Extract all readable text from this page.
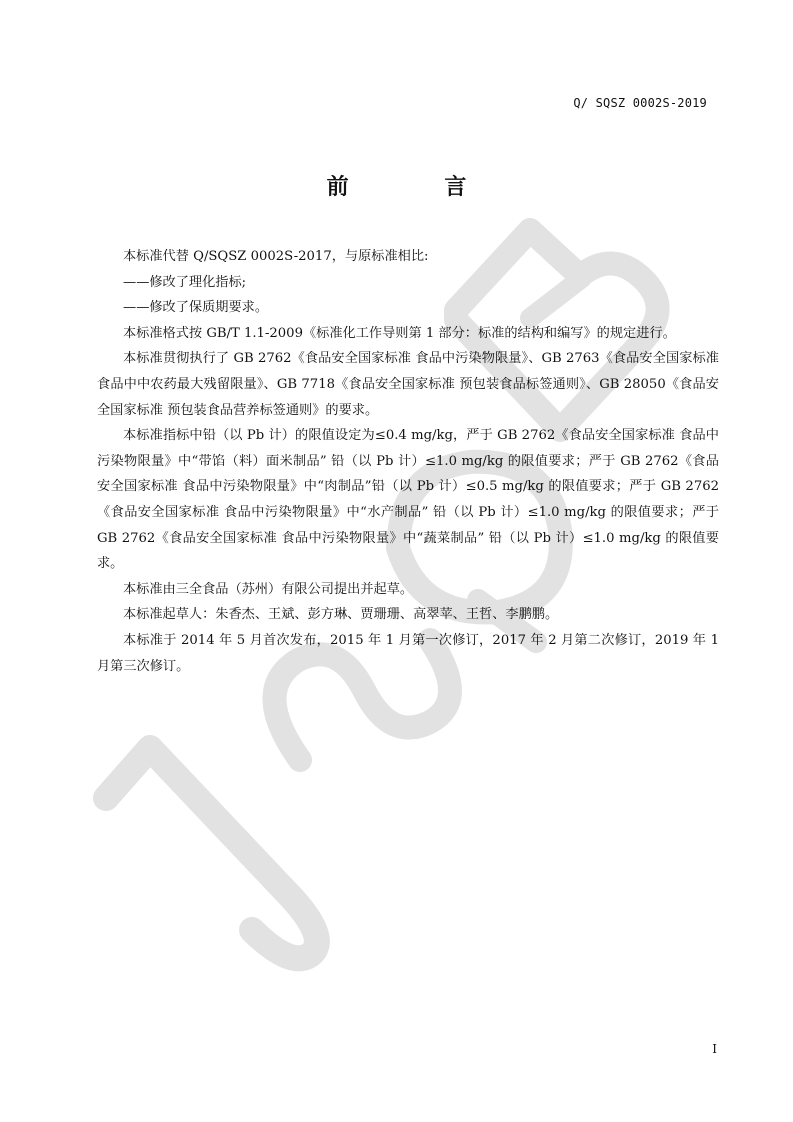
Q/ SQSZ 0002S-2019
前 言

本标准代替 Q/SQSZ 0002S-2017，与原标准相比:

——修改了理化指标;

——修改了保质期要求。

本标准格式按 GB/T 1.1-2009《标准化工作导则第 1 部分：标准的结构和编写》的规定进行。

本标准贯彻执行了 GB 2762《食品安全国家标准 食品中污染物限量》、GB 2763《食品安全国家标准 食品中中农药最大残留限量》、GB 7718《食品安全国家标准 预包装食品标签通则》、GB 28050《食品安全国家标准 预包装食品营养标签通则》的要求。

本标准指标中铅（以 Pb 计）的限值设定为≤0.4 mg/kg，严于 GB 2762《食品安全国家标准 食品中污染物限量》中“带馅（料）面米制品” 铅（以 Pb 计）≤1.0 mg/kg 的限值要求；严于 GB 2762《食品安全国家标准 食品中污染物限量》中“肉制品”铅（以 Pb 计）≤0.5 mg/kg 的限值要求；严于 GB 2762《食品安全国家标准 食品中污染物限量》中“水产制品” 铅（以 Pb 计）≤1.0 mg/kg 的限值要求；严于 GB 2762《食品安全国家标准 食品中污染物限量》中“蔬菜制品” 铅（以 Pb 计）≤1.0 mg/kg 的限值要求。

本标准由三全食品（苏州）有限公司提出并起草。

本标准起草人：朱香杰、王斌、彭方琳、贾珊珊、高翠苹、王哲、李鹏鹏。

本标准于 2014 年 5 月首次发布，2015 年 1 月第一次修订，2017 年 2 月第二次修订，2019 年 1 月第三次修订。

I
